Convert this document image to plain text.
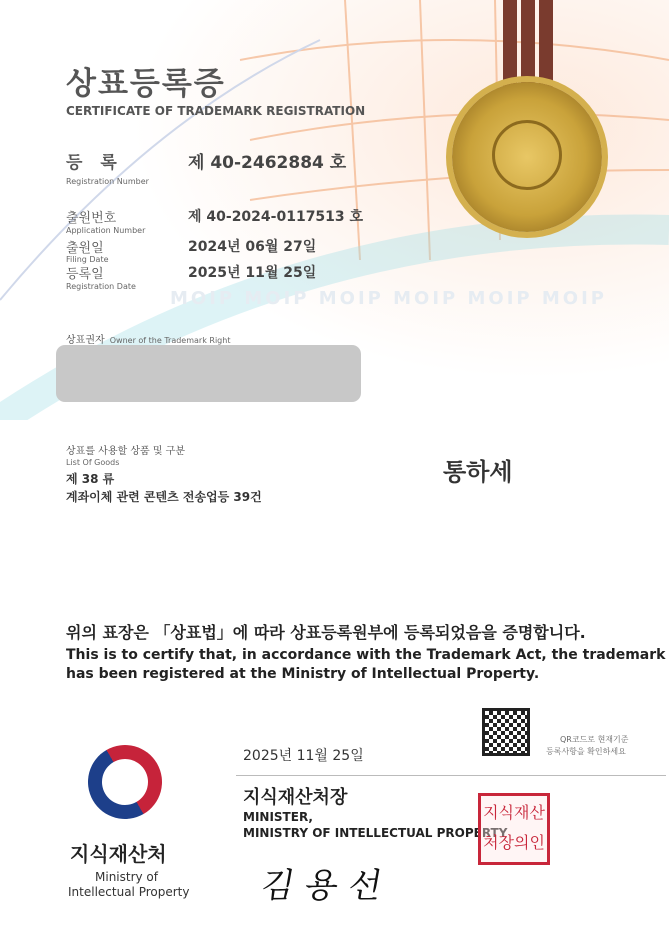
상표등록증
CERTIFICATE OF TRADEMARK REGISTRATION
등 록
Registration Number
제 40-2462884 호
출원번호
Application Number
제 40-2024-0117513 호
출원일
Filing Date
2024년 06월 27일
등록일
Registration Date
2025년 11월 25일
MOIP MOIP MOIP MOIP MOIP MOIP
상표권자 Owner of the Trademark Right
상표를 사용할 상품 및 구분
List Of Goods
제 38 류
계좌이체 관련 콘텐츠 전송업등 39건
통하세
위의 표장은 「상표법」에 따라 상표등록원부에 등록되었음을 증명합니다.
This is to certify that, in accordance with the Trademark Act, the trademark
has been registered at the Ministry of Intellectual Property.
QR코드로 현재기준
등록사항을 확인하세요
지식재산처
Ministry of
Intellectual Property
2025년 11월 25일
지식재산처장
MINISTER,
MINISTRY OF INTELLECTUAL PROPERTY
김 용 선
지식재산처장의인
